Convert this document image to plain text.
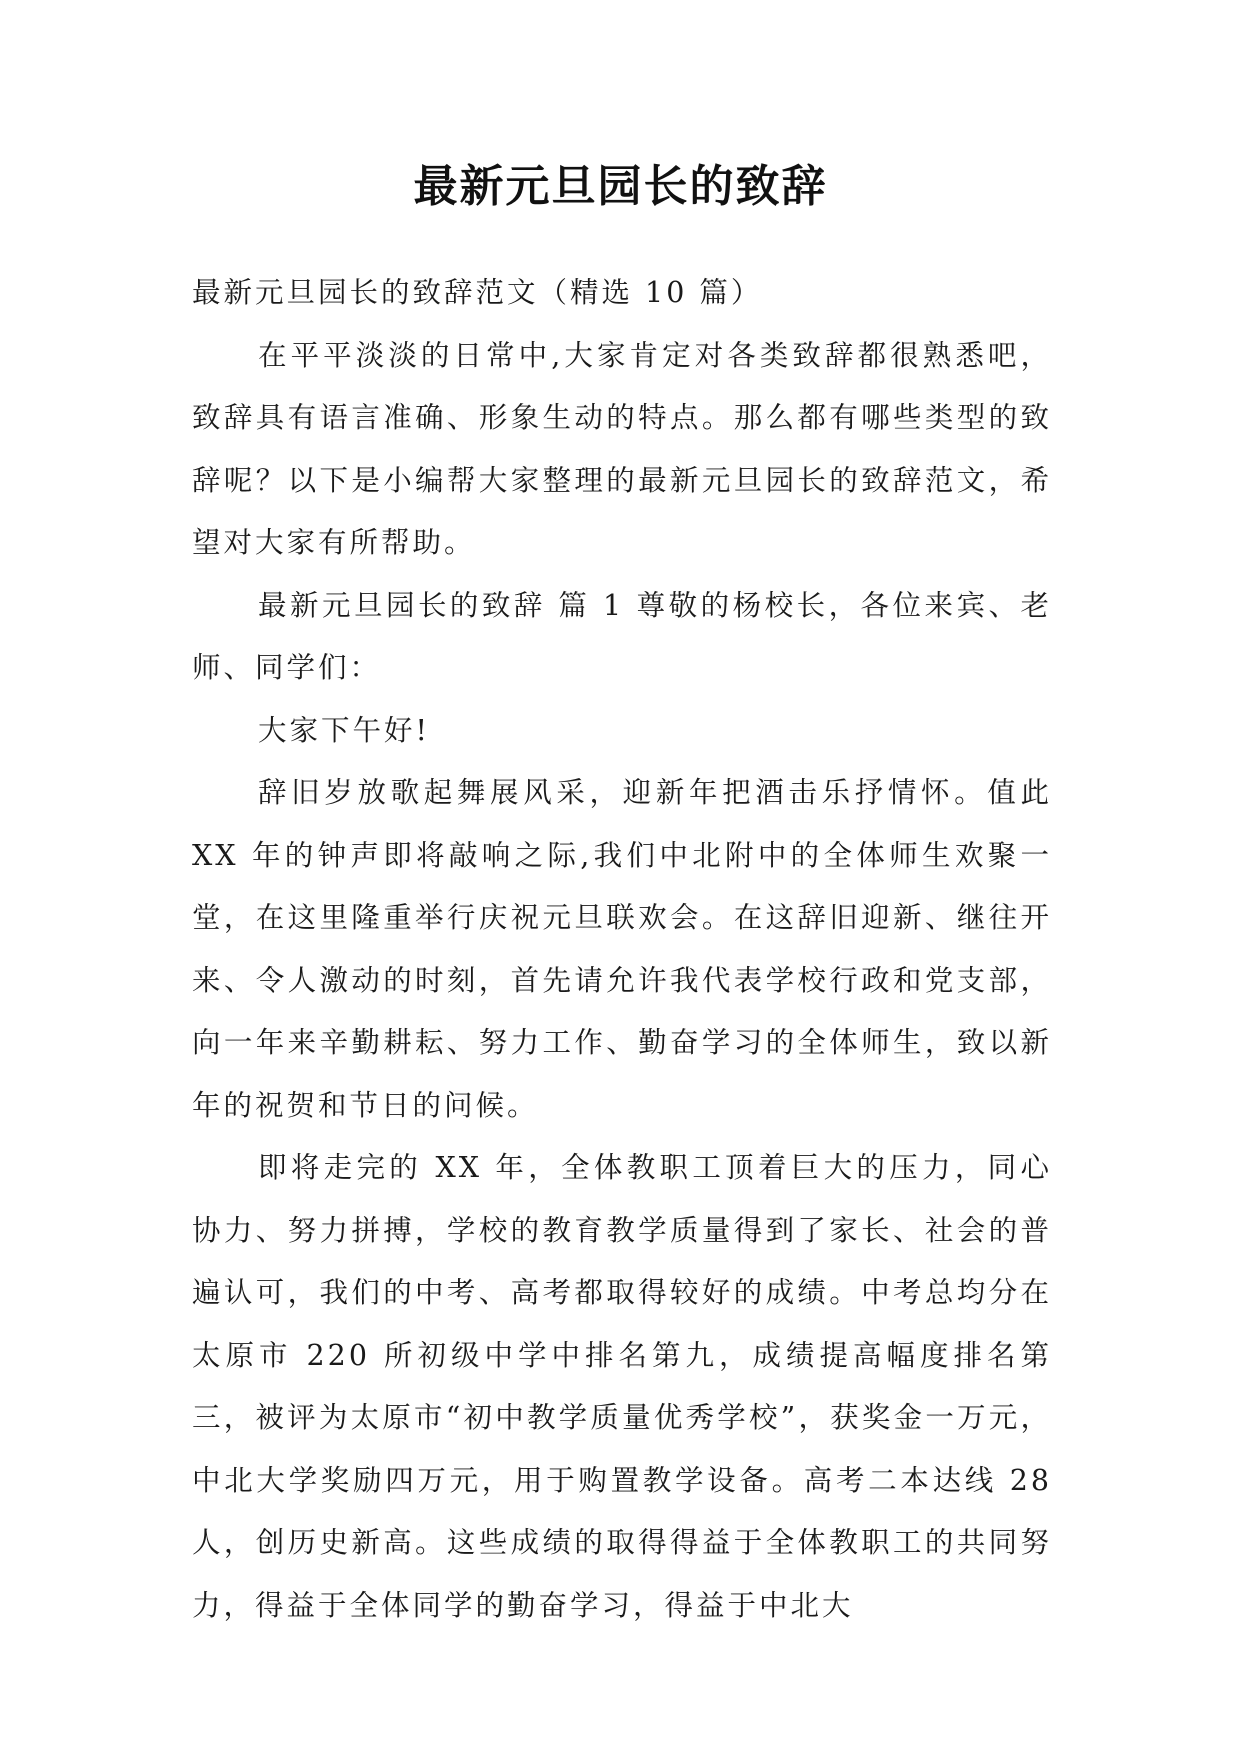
最新元旦园长的致辞

最新元旦园长的致辞范文（精选 10 篇）

在平平淡淡的日常中,大家肯定对各类致辞都很熟悉吧，致辞具有语言准确、形象生动的特点。那么都有哪些类型的致辞呢？以下是小编帮大家整理的最新元旦园长的致辞范文，希望对大家有所帮助。

最新元旦园长的致辞 篇 1 尊敬的杨校长，各位来宾、老师、同学们：

大家下午好!

辞旧岁放歌起舞展风采，迎新年把酒击乐抒情怀。值此 XX 年的钟声即将敲响之际,我们中北附中的全体师生欢聚一堂，在这里隆重举行庆祝元旦联欢会。在这辞旧迎新、继往开来、令人激动的时刻，首先请允许我代表学校行政和党支部，向一年来辛勤耕耘、努力工作、勤奋学习的全体师生，致以新年的祝贺和节日的问候。

即将走完的 XX 年，全体教职工顶着巨大的压力，同心协力、努力拼搏，学校的教育教学质量得到了家长、社会的普遍认可，我们的中考、高考都取得较好的成绩。中考总均分在太原市 220 所初级中学中排名第九，成绩提高幅度排名第三，被评为太原市“初中教学质量优秀学校”，获奖金一万元，中北大学奖励四万元，用于购置教学设备。高考二本达线 28 人，创历史新高。这些成绩的取得得益于全体教职工的共同努力，得益于全体同学的勤奋学习，得益于中北大
